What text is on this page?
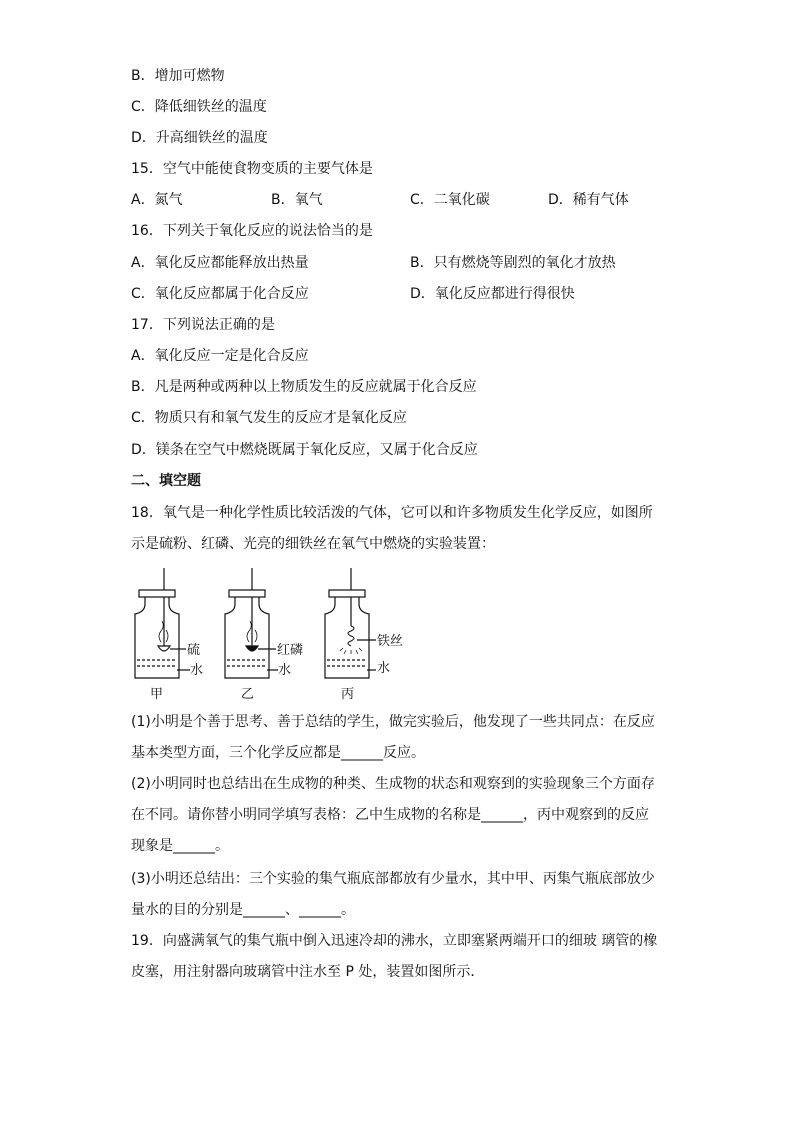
B．增加可燃物
C．降低细铁丝的温度
D．升高细铁丝的温度
15．空气中能使食物变质的主要气体是
A．氮气	B．氧气	C．二氧化碳	D．稀有气体
16．下列关于氧化反应的说法恰当的是
A．氧化反应都能释放出热量	B．只有燃烧等剧烈的氧化才放热
C．氧化反应都属于化合反应	D．氧化反应都进行得很快
17．下列说法正确的是
A．氧化反应一定是化合反应
B．凡是两种或两种以上物质发生的反应就属于化合反应
C．物质只有和氧气发生的反应才是氧化反应
D．镁条在空气中燃烧既属于氧化反应，又属于化合反应
二、填空题
18．氧气是一种化学性质比较活泼的气体，它可以和许多物质发生化学反应，如图所
示是硫粉、红磷、光亮的细铁丝在氧气中燃烧的实验装置：
硫
水
甲
红磷
水
乙
铁丝
水
丙
(1)小明是个善于思考、善于总结的学生，做完实验后，他发现了一些共同点：在反应
基本类型方面，三个化学反应都是______反应。
(2)小明同时也总结出在生成物的种类、生成物的状态和观察到的实验现象三个方面存
在不同。请你替小明同学填写表格：乙中生成物的名称是______，丙中观察到的反应
现象是______。
(3)小明还总结出：三个实验的集气瓶底部都放有少量水，其中甲、丙集气瓶底部放少
量水的目的分别是______、______。
19．向盛满氧气的集气瓶中倒入迅速冷却的沸水，立即塞紧两端开口的细玻 璃管的橡
皮塞，用注射器向玻璃管中注水至 P 处，装置如图所示．
